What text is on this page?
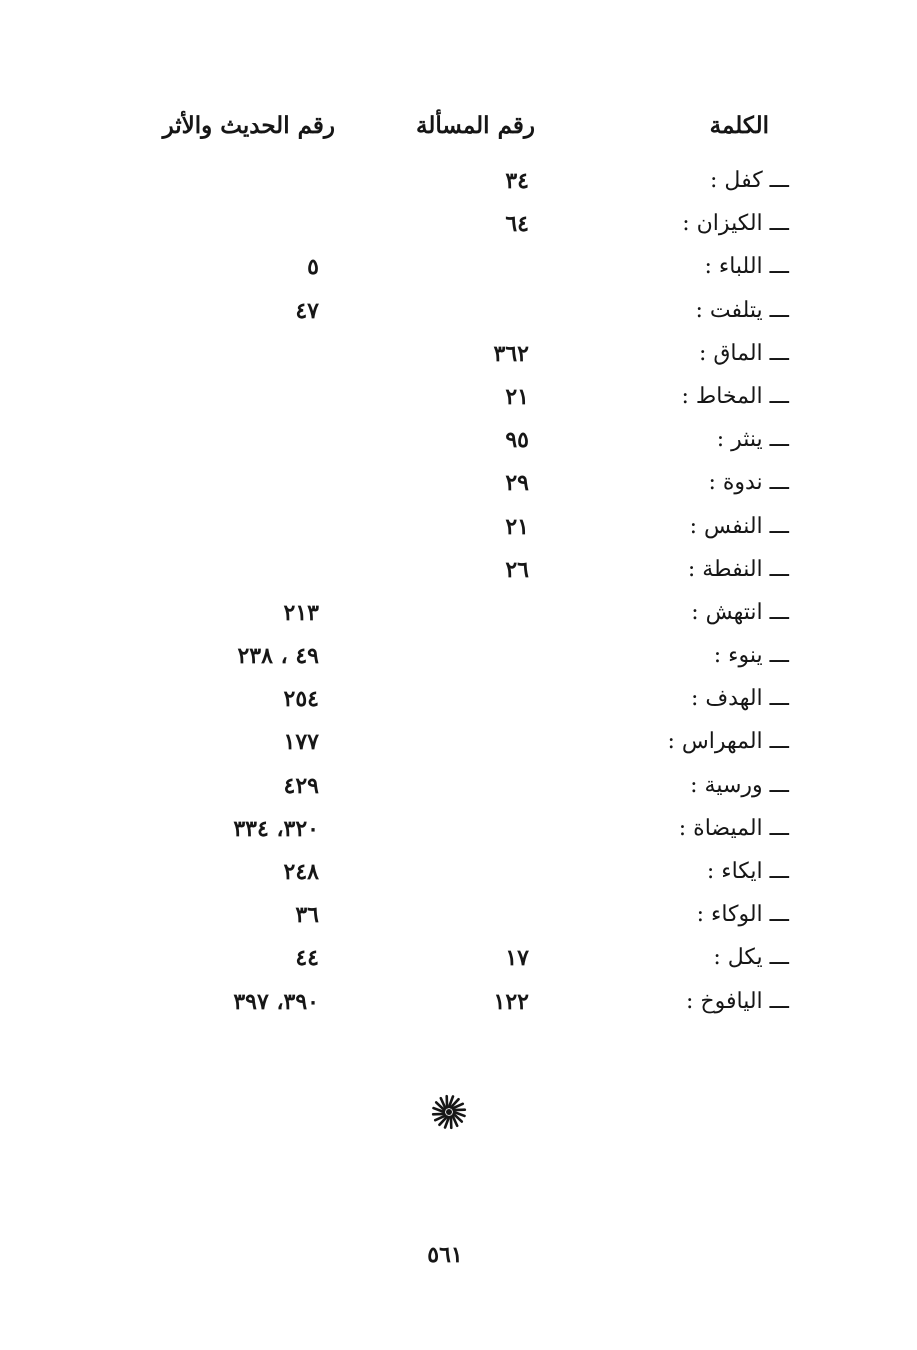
الكلمة
رقم المسألة
رقم الحديث والأثر
ـــ كفل :
٣٤
ـــ الكيزان :
٦٤
ـــ اللباء :
٥
ـــ يتلفت :
٤٧
ـــ الماق :
٣٦٢
ـــ المخاط :
٢١
ـــ ينثر :
٩٥
ـــ ندوة :
٢٩
ـــ النفس :
٢١
ـــ النفطة :
٢٦
ـــ انتهش :
٢١٣
ـــ ينوء :
٤٩ ، ٢٣٨
ـــ الهدف :
٢٥٤
ـــ المهراس :
١٧٧
ـــ ورسية :
٤٢٩
ـــ الميضاة :
٣٢٠، ٣٣٤
ـــ ايكاء :
٢٤٨
ـــ الوكاء :
٣٦
ـــ يكل :
١٧
٤٤
ـــ اليافوخ :
١٢٢
٣٩٠، ٣٩٧
٥٦١
